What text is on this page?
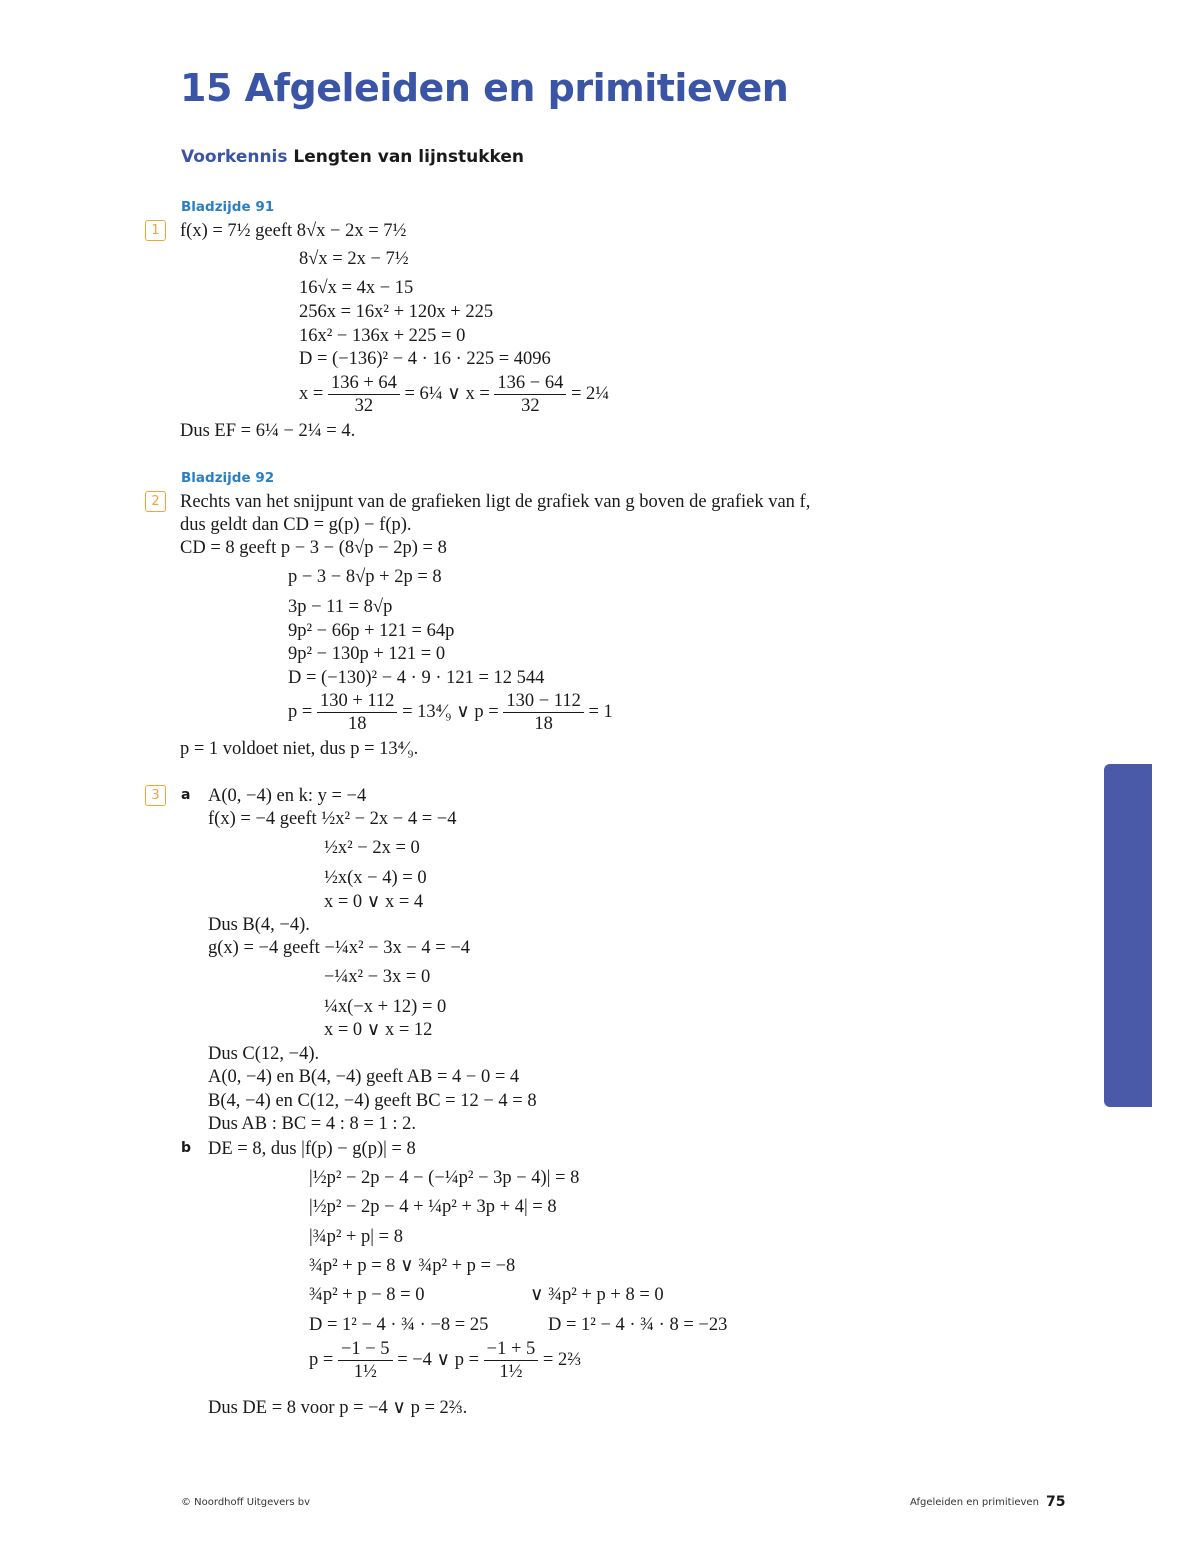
15 Afgeleiden en primitieven
Voorkennis Lengten van lijnstukken
Bladzijde 91
1	f(x) = 7½ geeft 8√x − 2x = 7½
8√x = 2x − 7½
16√x = 4x − 15
256x = 16x² + 120x + 225
16x² − 136x + 225 = 0
D = (−136)² − 4 · 16 · 225 = 4096
$x = \frac{136 + 64}{32}$ = 6¼ ∨ $x = \frac{136 - 64}{32}$ = 2¼
Dus EF = 6¼ − 2¼ = 4.
Bladzijde 92
2	Rechts van het snijpunt van de grafieken ligt de grafiek van g boven de grafiek van f,
dus geldt dan CD = g(p) − f(p).
CD = 8 geeft p − 3 − (8√p − 2p) = 8
p − 3 − 8√p + 2p = 8
3p − 11 = 8√p
9p² − 66p + 121 = 64p
9p² − 130p + 121 = 0
D = (−130)² − 4 · 9 · 121 = 12 544
$p = \frac{130 + 112}{18}$ = 13⁴⁄₉ ∨ $p = \frac{130 - 112}{18} = 1$
p = 1 voldoet niet, dus p = 13⁴⁄₉.
3	a A(0, −4) en k: y = −4
f(x) = −4 geeft ½x² − 2x − 4 = −4
½x² − 2x = 0
½x(x − 4) = 0
x = 0 ∨ x = 4
Dus B(4, −4).
g(x) = −4 geeft −¼x² − 3x − 4 = −4
−¼x² − 3x = 0
¼x(−x + 12) = 0
x = 0 ∨ x = 12
Dus C(12, −4).
A(0, −4) en B(4, −4) geeft AB = 4 − 0 = 4
B(4, −4) en C(12, −4) geeft BC = 12 − 4 = 8
Dus AB : BC = 4 : 8 = 1 : 2.
b DE = 8, dus |f(p) − g(p)| = 8
|½p² − 2p − 4 − (−¼p² − 3p − 4)| = 8
|½p² − 2p − 4 + ¼p² + 3p + 4| = 8
|¾p² + p| = 8
¾p² + p = 8 ∨ ¾p² + p = −8
¾p² + p − 8 = 0	∨ ¾p² + p + 8 = 0
D = 1² − 4 · ¾ · −8 = 25	D = 1² − 4 · ¾ · 8 = −23
$p = \frac{-1 - 5}{\text{1½}} = -4$ ∨ $p = \frac{-1 + 5}{\text{1½}}$ = 2⅔
Dus DE = 8 voor p = −4 ∨ p = 2⅔.
© Noordhoff Uitgevers bv	Afgeleiden en primitieven 75
